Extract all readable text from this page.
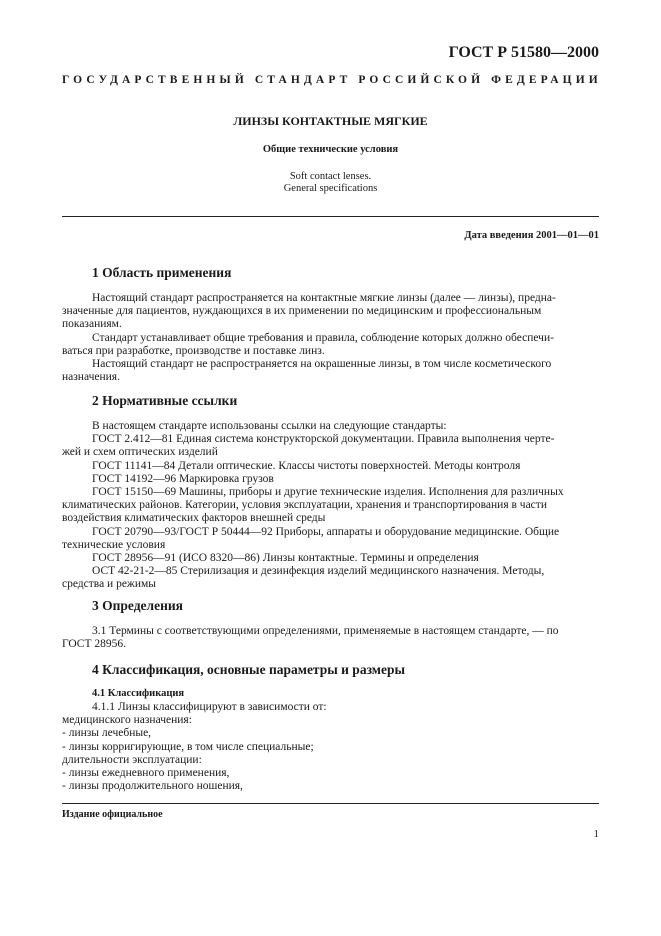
ГОСТ Р 51580—2000
ГОСУДАРСТВЕННЫЙ СТАНДАРТ РОССИЙСКОЙ ФЕДЕРАЦИИ
ЛИНЗЫ КОНТАКТНЫЕ МЯГКИЕ
Общие технические условия
Soft contact lenses.
General specifications
Дата введения 2001—01—01
1 Область применения
Настоящий стандарт распространяется на контактные мягкие линзы (далее — линзы), предна-
значенные для пациентов, нуждающихся в их применении по медицинским и профессиональным
показаниям.
Стандарт устанавливает общие требования и правила, соблюдение которых должно обеспечи-
ваться при разработке, производстве и поставке линз.
Настоящий стандарт не распространяется на окрашенные линзы, в том числе косметического
назначения.
2 Нормативные ссылки
В настоящем стандарте использованы ссылки на следующие стандарты:
ГОСТ 2.412—81 Единая система конструкторской документации. Правила выполнения черте-
жей и схем оптических изделий
ГОСТ 11141—84 Детали оптические. Классы чистоты поверхностей. Методы контроля
ГОСТ 14192—96 Маркировка грузов
ГОСТ 15150—69 Машины, приборы и другие технические изделия. Исполнения для различных
климатических районов. Категории, условия эксплуатации, хранения и транспортирования в части
воздействия климатических факторов внешней среды
ГОСТ 20790—93/ГОСТ Р 50444—92 Приборы, аппараты и оборудование медицинские. Общие
технические условия
ГОСТ 28956—91 (ИСО 8320—86) Линзы контактные. Термины и определения
ОСТ 42-21-2—85 Стерилизация и дезинфекция изделий медицинского назначения. Методы,
средства и режимы
3 Определения
3.1 Термины с соответствующими определениями, применяемые в настоящем стандарте, — по
ГОСТ 28956.
4 Классификация, основные параметры и размеры
4.1 Классификация
4.1.1 Линзы классифицируют в зависимости от:
медицинского назначения:
- линзы лечебные,
- линзы корригирующие, в том числе специальные;
длительности эксплуатации:
- линзы ежедневного применения,
- линзы продолжительного ношения,
Издание официальное
1
